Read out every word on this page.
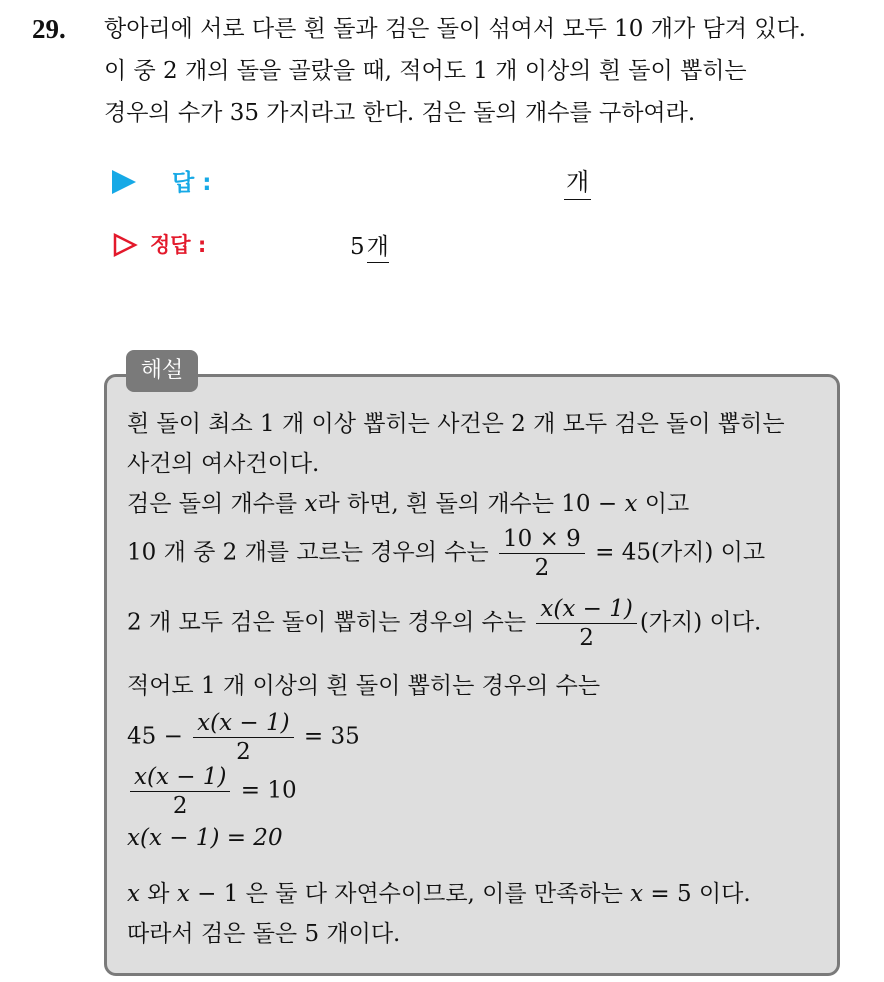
29. 항아리에 서로 다른 흰 돌과 검은 돌이 섞여서 모두 10 개가 담겨 있다.
이 중 2 개의 돌을 골랐을 때, 적어도 1 개 이상의 흰 돌이 뽑히는
경우의 수가 35 가지라고 한다. 검은 돌의 개수를 구하여라.
답 :	개
정답 :	5개
해설
흰 돌이 최소 1 개 이상 뽑히는 사건은 2 개 모두 검은 돌이 뽑히는
사건의 여사건이다.
검은 돌의 개수를 x라 하면, 흰 돌의 개수는 10 − x 이고
10 개 중 2 개를 고르는 경우의 수는 $\frac{10 \times 9}{2} = 45$(가지) 이고
2 개 모두 검은 돌이 뽑히는 경우의 수는 $\frac{x(x - 1)}{2}$ (가지) 이다.
적어도 1 개 이상의 흰 돌이 뽑히는 경우의 수는
$45 - \frac{x(x - 1)}{2} = 35$
$\frac{x(x - 1)}{2} = 10$
x(x − 1) = 20
x 와 x − 1 은 둘 다 자연수이므로, 이를 만족하는 x = 5 이다.
따라서 검은 돌은 5 개이다.
